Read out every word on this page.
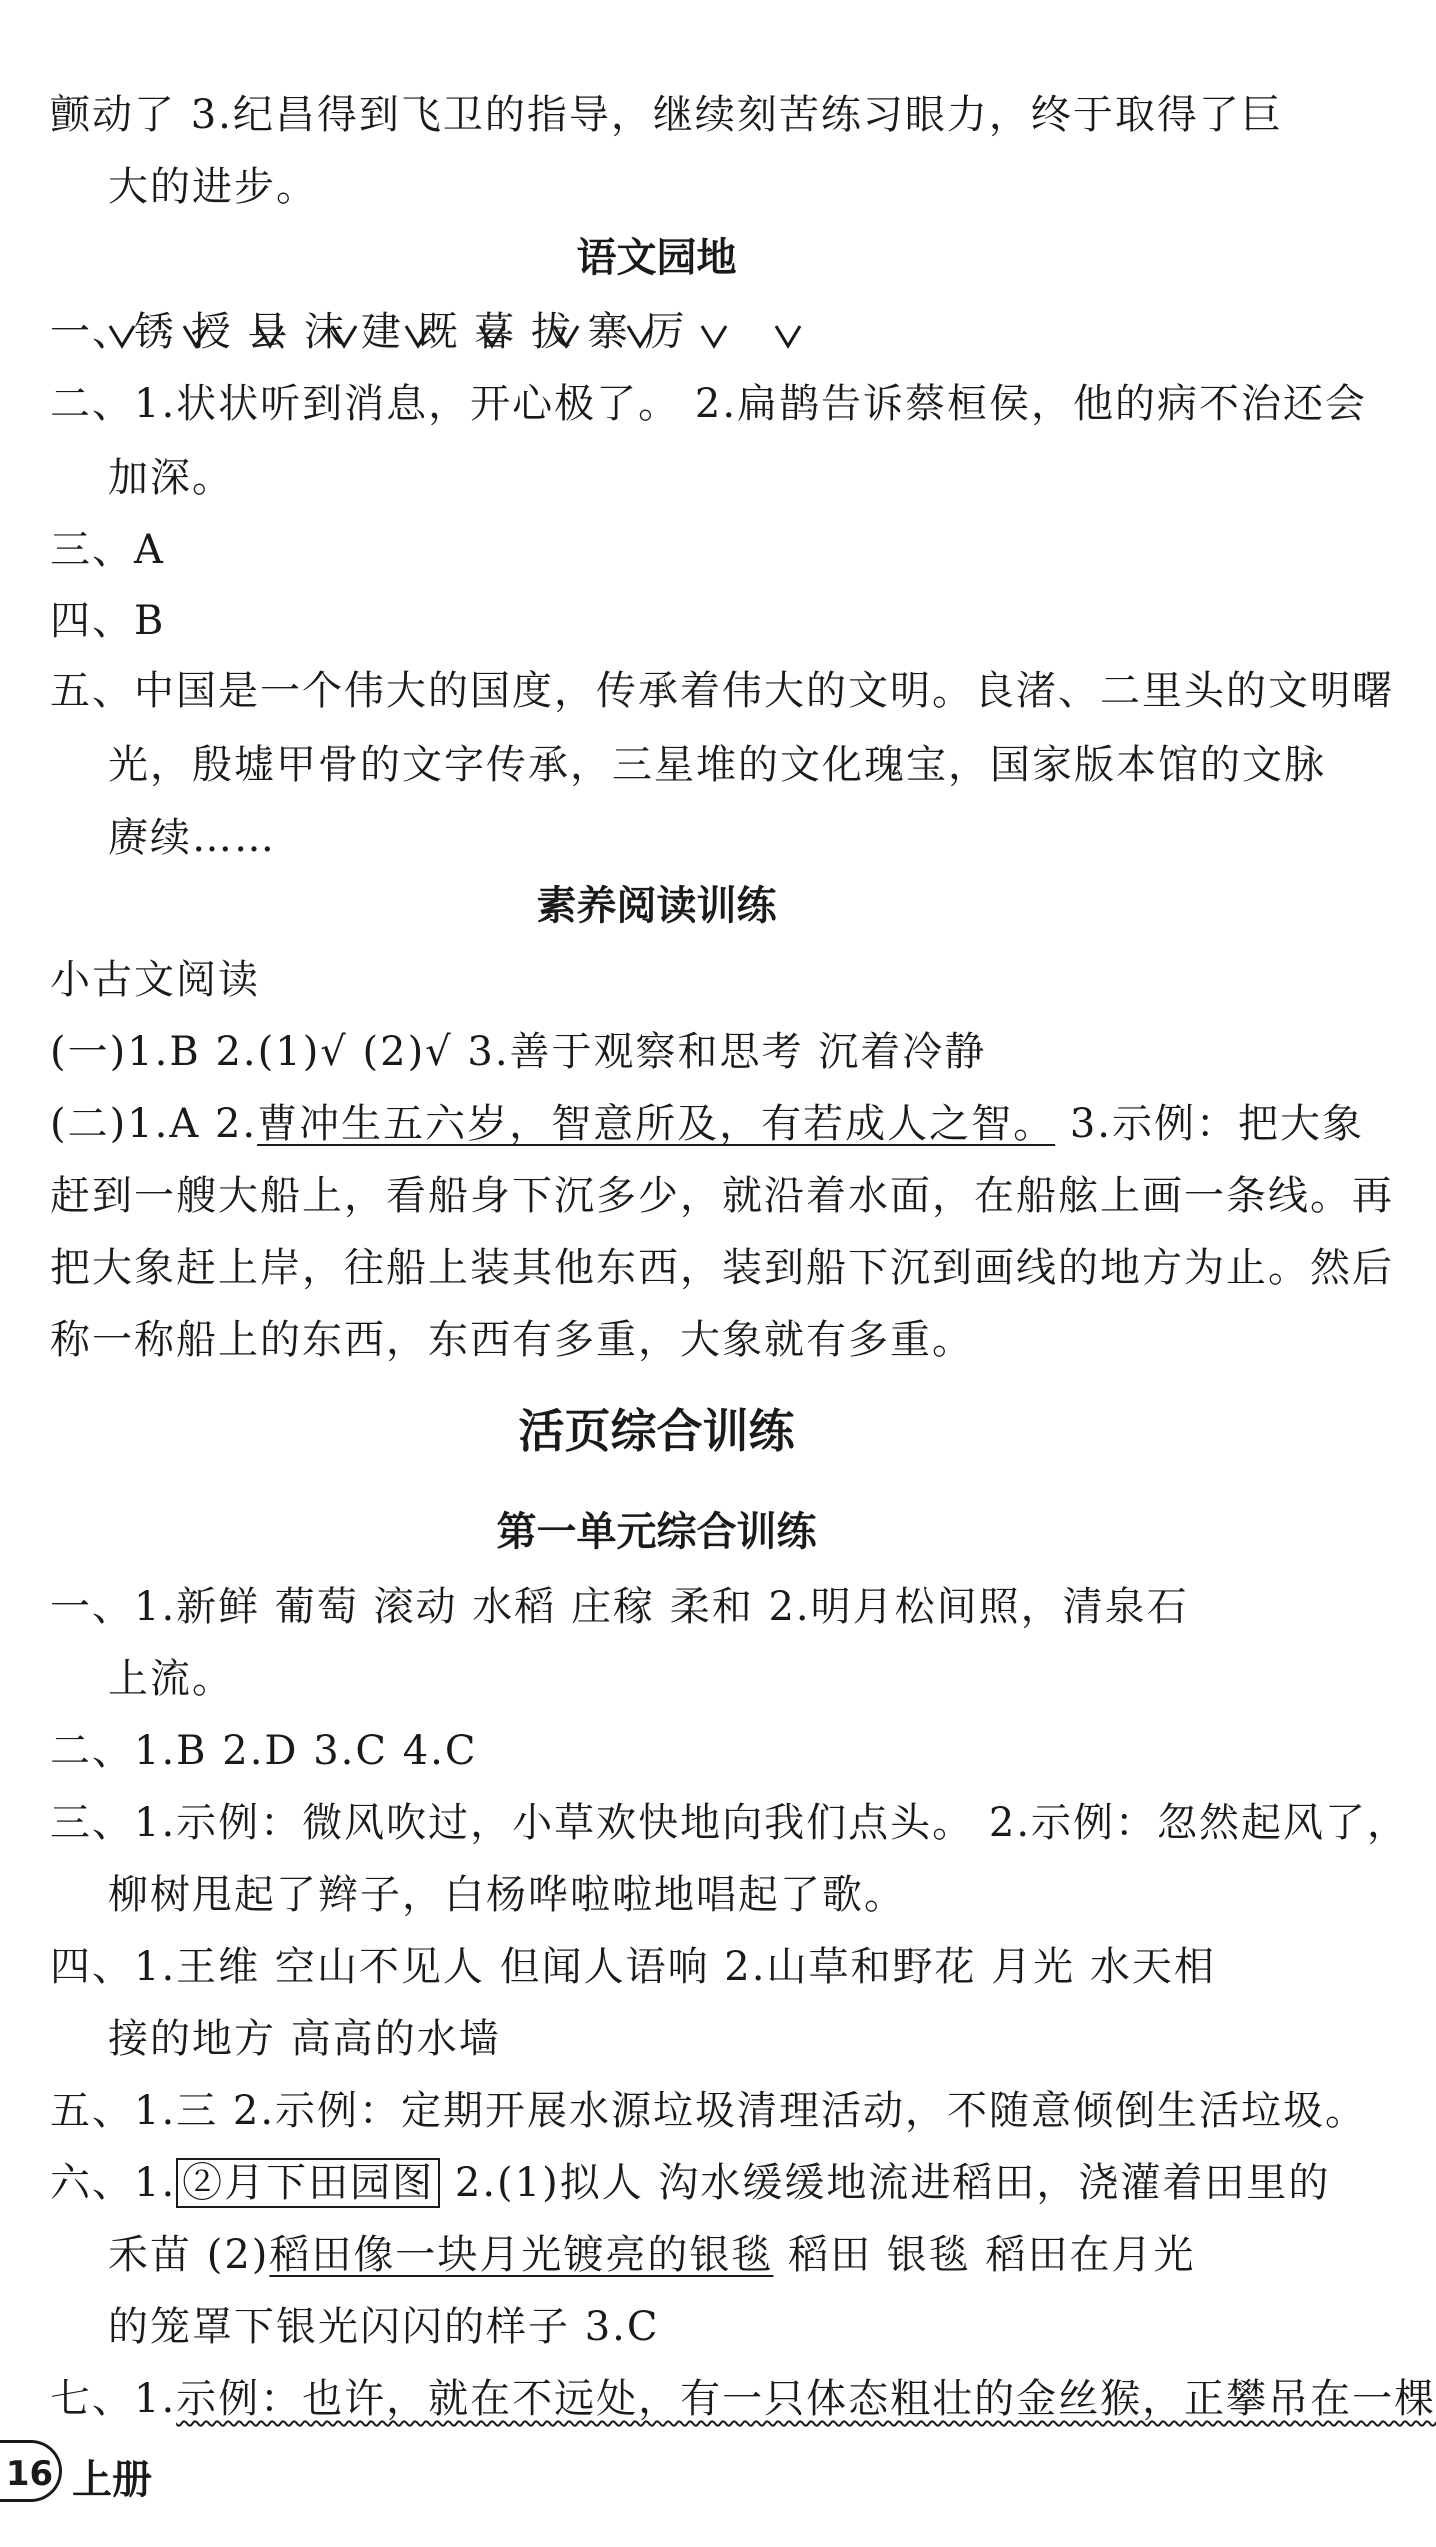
颤动了 3.纪昌得到飞卫的指导，继续刻苦练习眼力，终于取得了巨
大的进步。
语文园地
一、锈 授 县 沫 建 既 暮 拔 寨 厉
二、1.状状听到消息，开心极了。 2.扁鹊告诉蔡桓侯，他的病不治还会
加深。
三、A
四、B
五、中国是一个伟大的国度，传承着伟大的文明。良渚、二里头的文明曙
光，殷墟甲骨的文字传承，三星堆的文化瑰宝，国家版本馆的文脉
赓续……
素养阅读训练
小古文阅读
(一)1.B 2.(1)√ (2)√ 3.善于观察和思考 沉着冷静
(二)1.A 2.曹冲生五六岁，智意所及，有若成人之智。 3.示例：把大象
赶到一艘大船上，看船身下沉多少，就沿着水面，在船舷上画一条线。再
把大象赶上岸，往船上装其他东西，装到船下沉到画线的地方为止。然后
称一称船上的东西，东西有多重，大象就有多重。
活页综合训练
第一单元综合训练
一、1.新鲜 葡萄 滚动 水稻 庄稼 柔和 2.明月松间照，清泉石
上流。
二、1.B 2.D 3.C 4.C
三、1.示例：微风吹过，小草欢快地向我们点头。 2.示例：忽然起风了，
柳树甩起了辫子，白杨哗啦啦地唱起了歌。
四、1.王维 空山不见人 但闻人语响 2.山草和野花 月光 水天相
接的地方 高高的水墙
五、1.三 2.示例：定期开展水源垃圾清理活动，不随意倾倒生活垃圾。
六、1. ②月下田园图 2.(1)拟人 沟水缓缓地流进稻田，浇灌着田里的
禾苗 (2)稻田像一块月光镀亮的银毯 稻田 银毯 稻田在月光
的笼罩下银光闪闪的样子 3.C
七、1.示例：也许，就在不远处，有一只体态粗壮的金丝猴，正攀吊在一棵
16 上册
